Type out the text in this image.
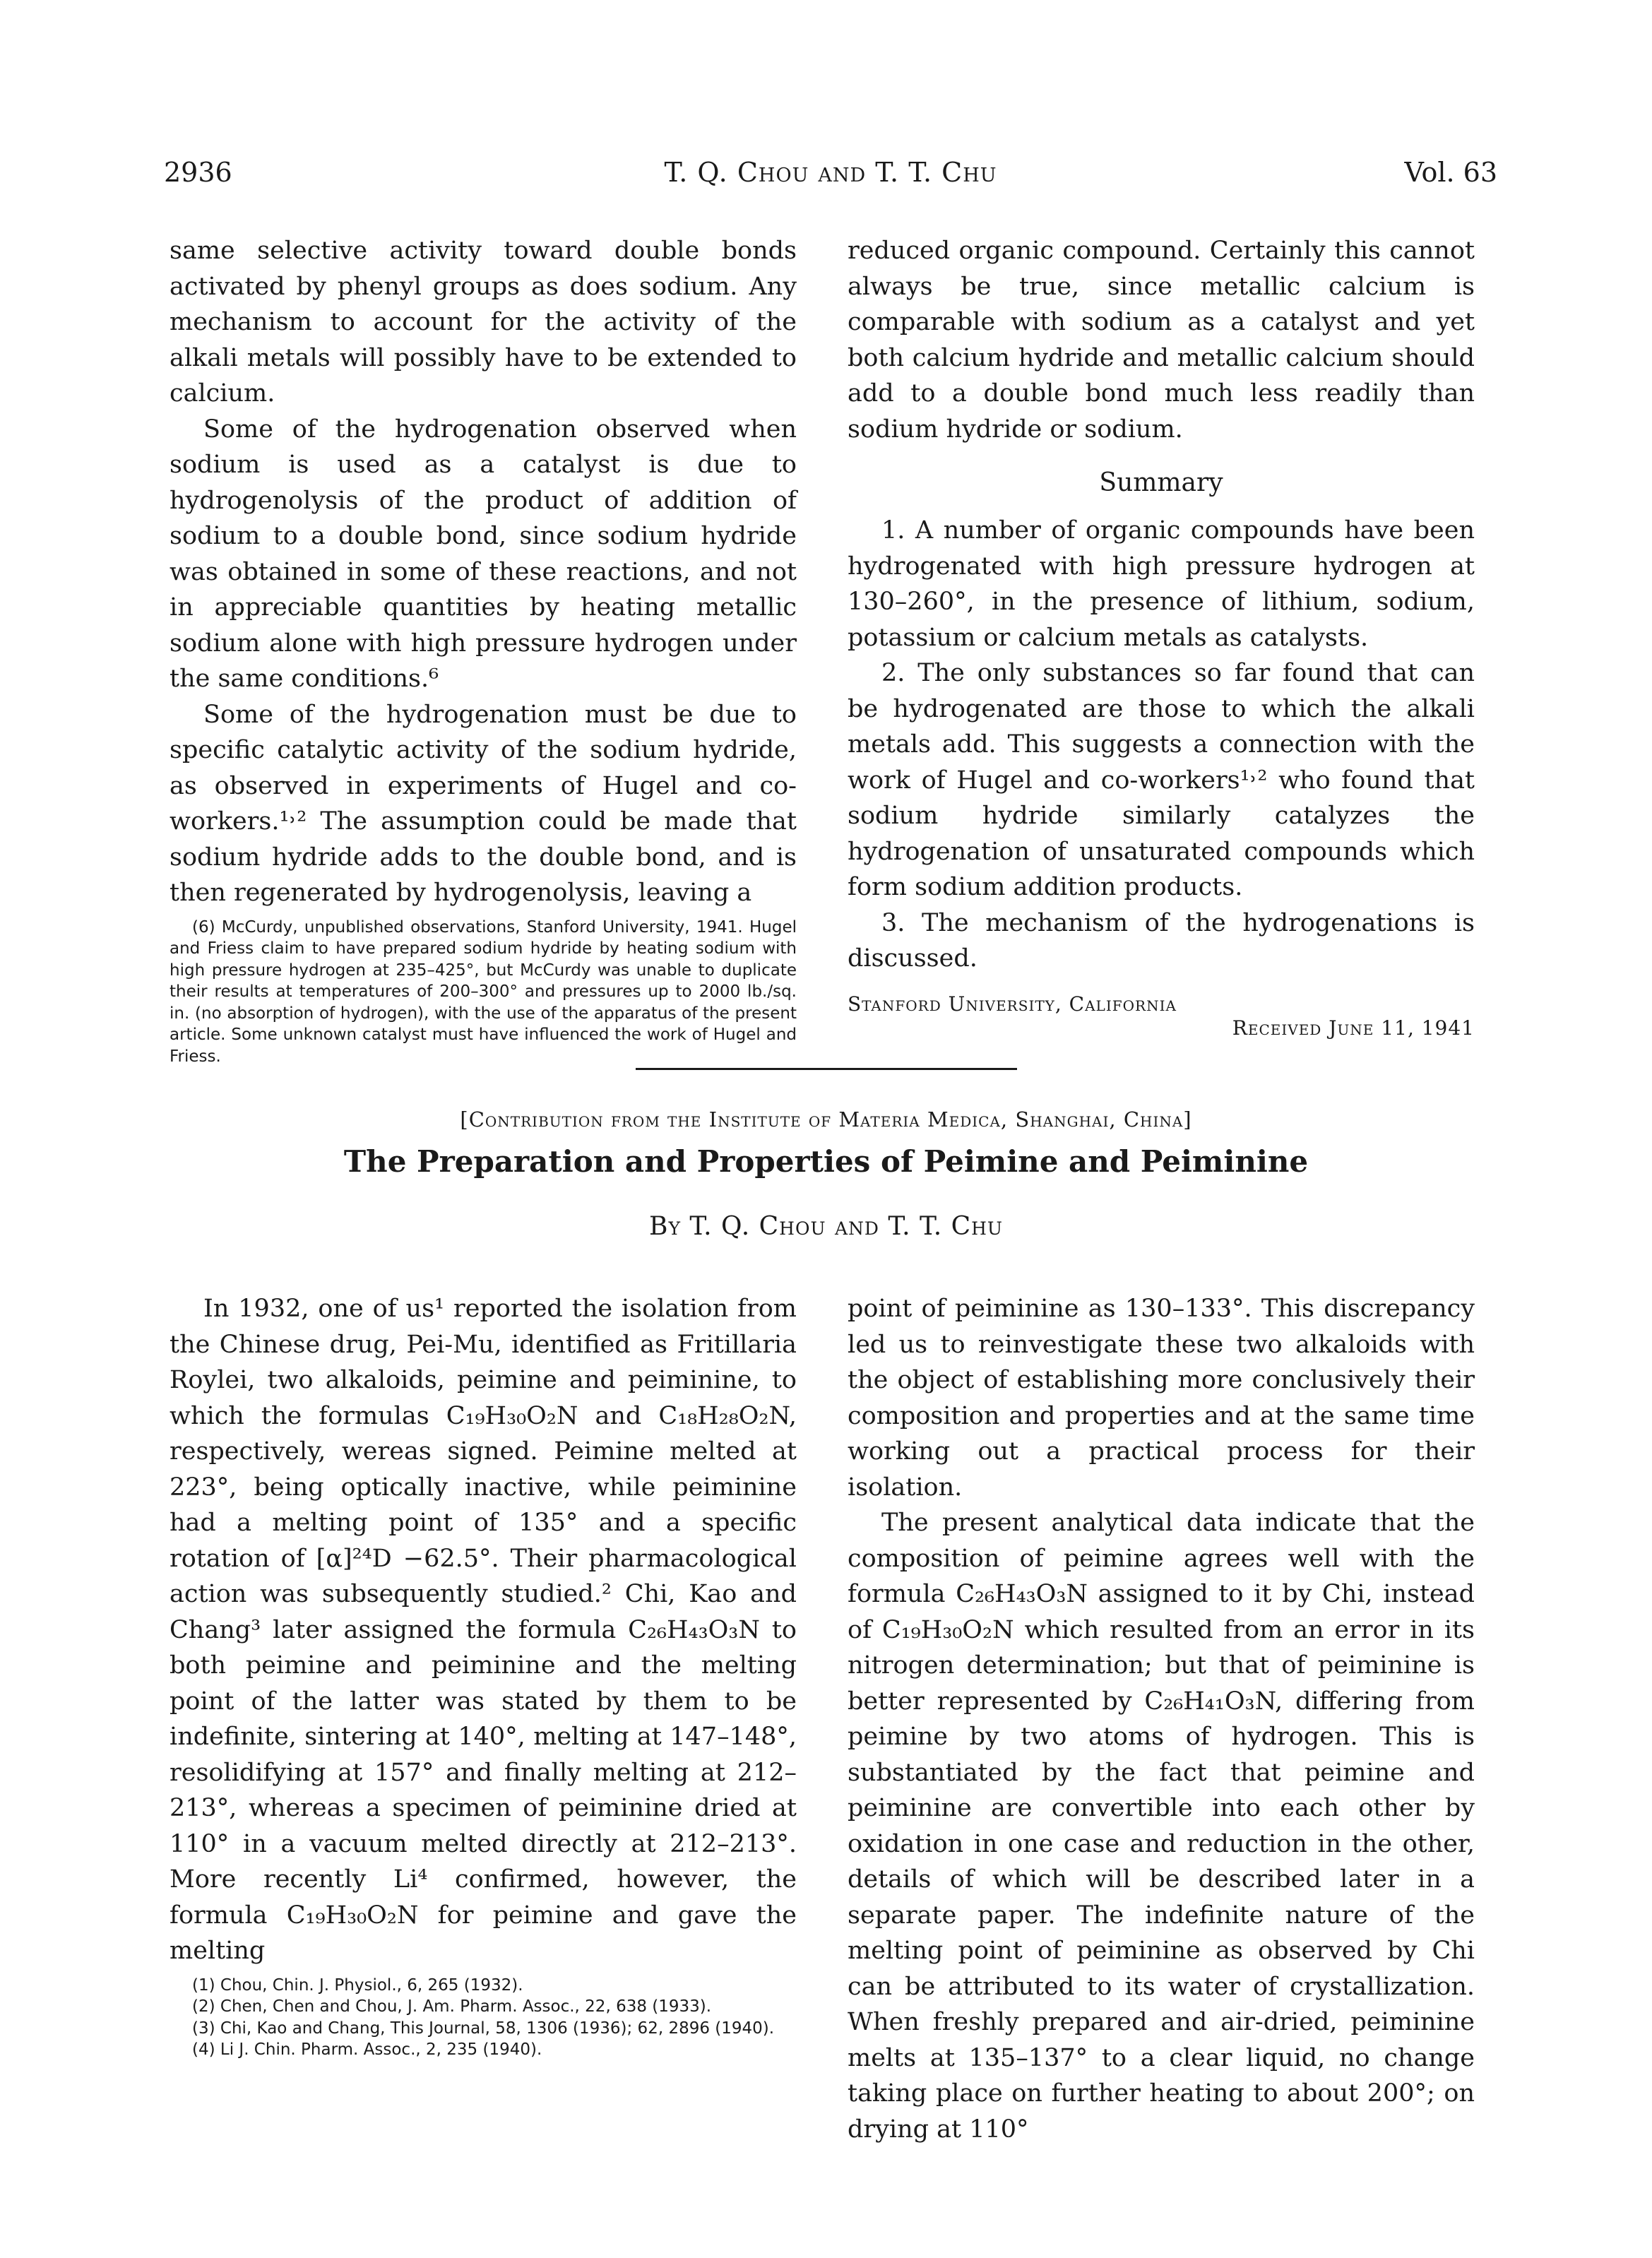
2936	T. Q. Chou and T. T. Chu	Vol. 63

same selective activity toward double bonds activated by phenyl groups as does sodium. Any mechanism to account for the activity of the alkali metals will possibly have to be extended to calcium.

Some of the hydrogenation observed when sodium is used as a catalyst is due to hydrogenolysis of the product of addition of sodium to a double bond, since sodium hydride was obtained in some of these reactions, and not in appreciable quantities by heating metallic sodium alone with high pressure hydrogen under the same conditions.⁶

Some of the hydrogenation must be due to specific catalytic activity of the sodium hydride, as observed in experiments of Hugel and co-workers.¹˒² The assumption could be made that sodium hydride adds to the double bond, and is then regenerated by hydrogenolysis, leaving a

(6) McCurdy, unpublished observations, Stanford University, 1941. Hugel and Friess claim to have prepared sodium hydride by heating sodium with high pressure hydrogen at 235–425°, but McCurdy was unable to duplicate their results at temperatures of 200–300° and pressures up to 2000 lb./sq. in. (no absorption of hydrogen), with the use of the apparatus of the present article. Some unknown catalyst must have influenced the work of Hugel and Friess.

reduced organic compound. Certainly this cannot always be true, since metallic calcium is comparable with sodium as a catalyst and yet both calcium hydride and metallic calcium should add to a double bond much less readily than sodium hydride or sodium.

Summary

1. A number of organic compounds have been hydrogenated with high pressure hydrogen at 130–260°, in the presence of lithium, sodium, potassium or calcium metals as catalysts.

2. The only substances so far found that can be hydrogenated are those to which the alkali metals add. This suggests a connection with the work of Hugel and co-workers¹˒² who found that sodium hydride similarly catalyzes the hydrogenation of unsaturated compounds which form sodium addition products.

3. The mechanism of the hydrogenations is discussed.

Stanford University, California
Received June 11, 1941
[Contribution from the Institute of Materia Medica, Shanghai, China]
The Preparation and Properties of Peimine and Peiminine
By T. Q. Chou and T. T. Chu

In 1932, one of us¹ reported the isolation from the Chinese drug, Pei-Mu, identified as Fritillaria Roylei, two alkaloids, peimine and peiminine, to which the formulas C₁₉H₃₀O₂N and C₁₈H₂₈O₂N, respectively, wereas signed. Peimine melted at 223°, being optically inactive, while peiminine had a melting point of 135° and a specific rotation of [α]²⁴D −62.5°. Their pharmacological action was subsequently studied.² Chi, Kao and Chang³ later assigned the formula C₂₆H₄₃O₃N to both peimine and peiminine and the melting point of the latter was stated by them to be indefinite, sintering at 140°, melting at 147–148°, resolidifying at 157° and finally melting at 212–213°, whereas a specimen of peiminine dried at 110° in a vacuum melted directly at 212–213°. More recently Li⁴ confirmed, however, the formula C₁₉H₃₀O₂N for peimine and gave the melting

(1) Chou, Chin. J. Physiol., 6, 265 (1932).

(2) Chen, Chen and Chou, J. Am. Pharm. Assoc., 22, 638 (1933).

(3) Chi, Kao and Chang, This Journal, 58, 1306 (1936); 62, 2896 (1940).

(4) Li J. Chin. Pharm. Assoc., 2, 235 (1940).

point of peiminine as 130–133°. This discrepancy led us to reinvestigate these two alkaloids with the object of establishing more conclusively their composition and properties and at the same time working out a practical process for their isolation.

The present analytical data indicate that the composition of peimine agrees well with the formula C₂₆H₄₃O₃N assigned to it by Chi, instead of C₁₉H₃₀O₂N which resulted from an error in its nitrogen determination; but that of peiminine is better represented by C₂₆H₄₁O₃N, differing from peimine by two atoms of hydrogen. This is substantiated by the fact that peimine and peiminine are convertible into each other by oxidation in one case and reduction in the other, details of which will be described later in a separate paper. The indefinite nature of the melting point of peiminine as observed by Chi can be attributed to its water of crystallization. When freshly prepared and air-dried, peiminine melts at 135–137° to a clear liquid, no change taking place on further heating to about 200°; on drying at 110°
